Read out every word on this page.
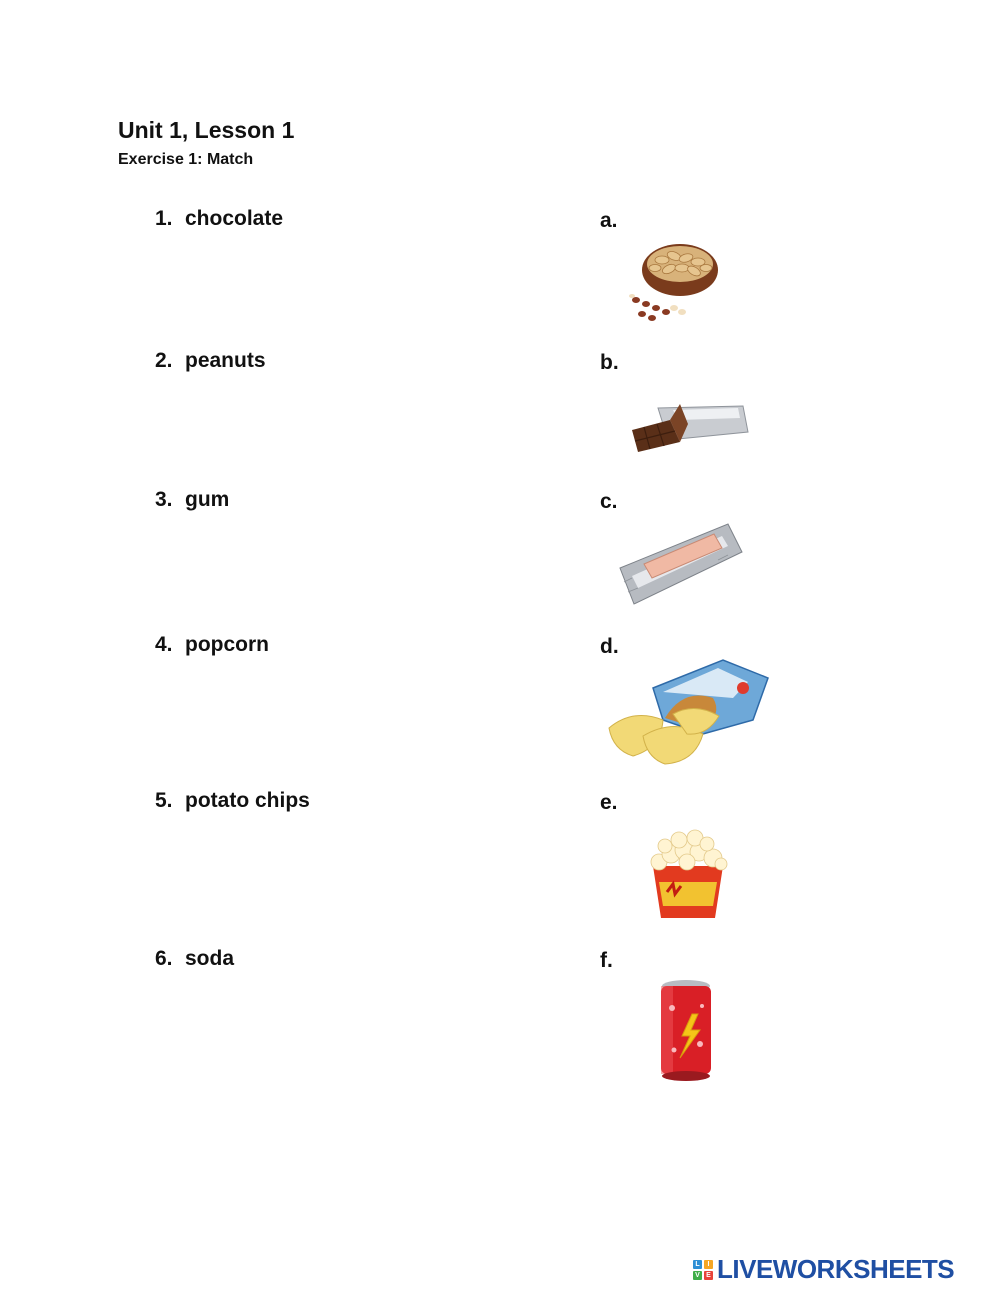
Unit 1, Lesson 1
Exercise 1: Match
1. chocolate
2. peanuts
3. gum
4. popcorn
5. potato chips
6. soda
a.
b.
c.
d.
e.
f.
L	I
V E LIVEWORKSHEETS
